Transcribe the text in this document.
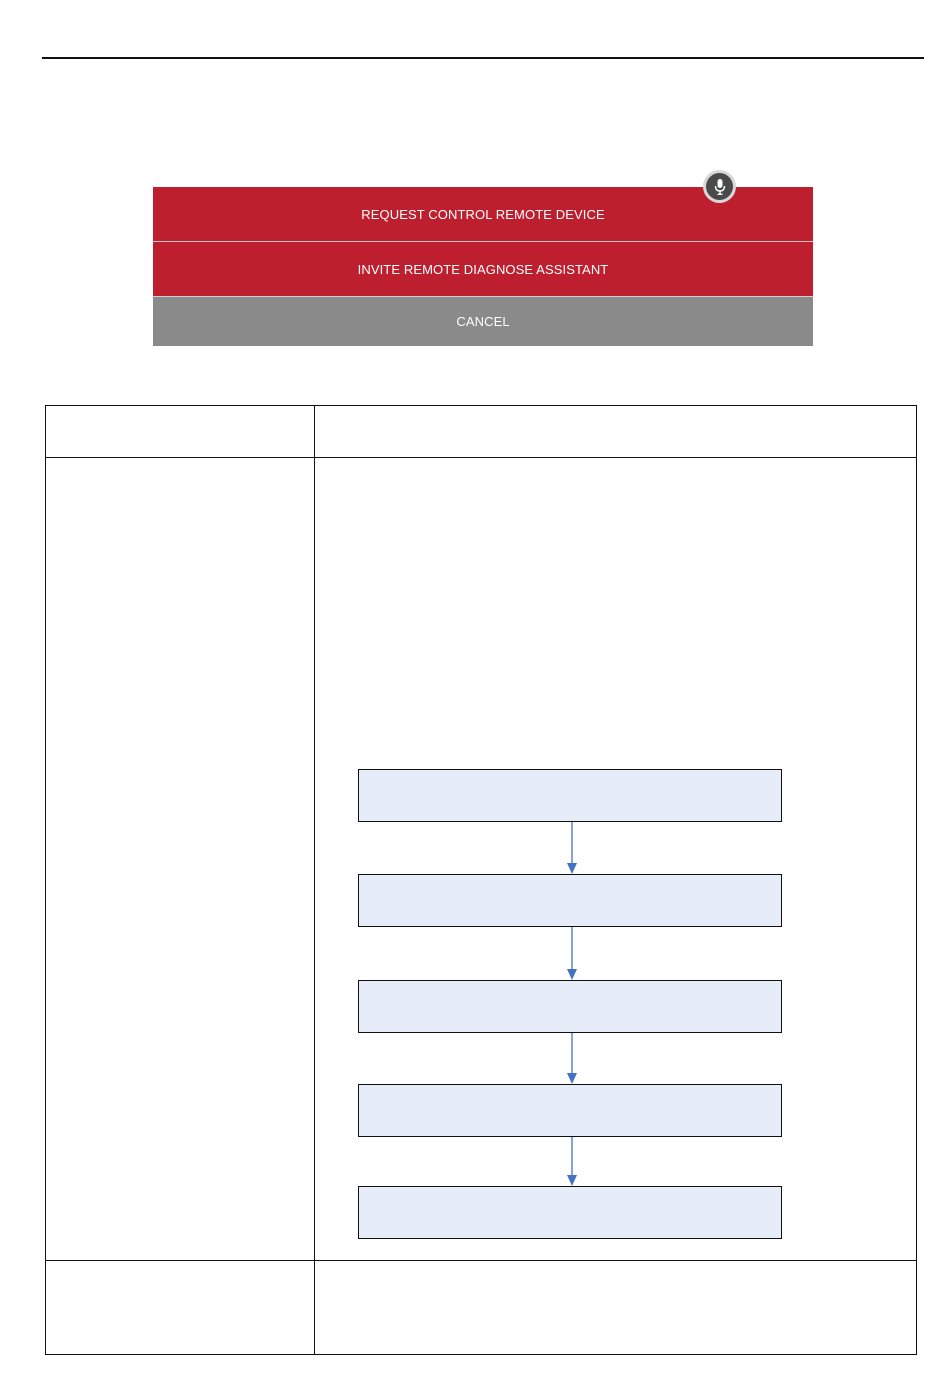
REQUEST CONTROL REMOTE DEVICE
INVITE REMOTE DIAGNOSE ASSISTANT
CANCEL
